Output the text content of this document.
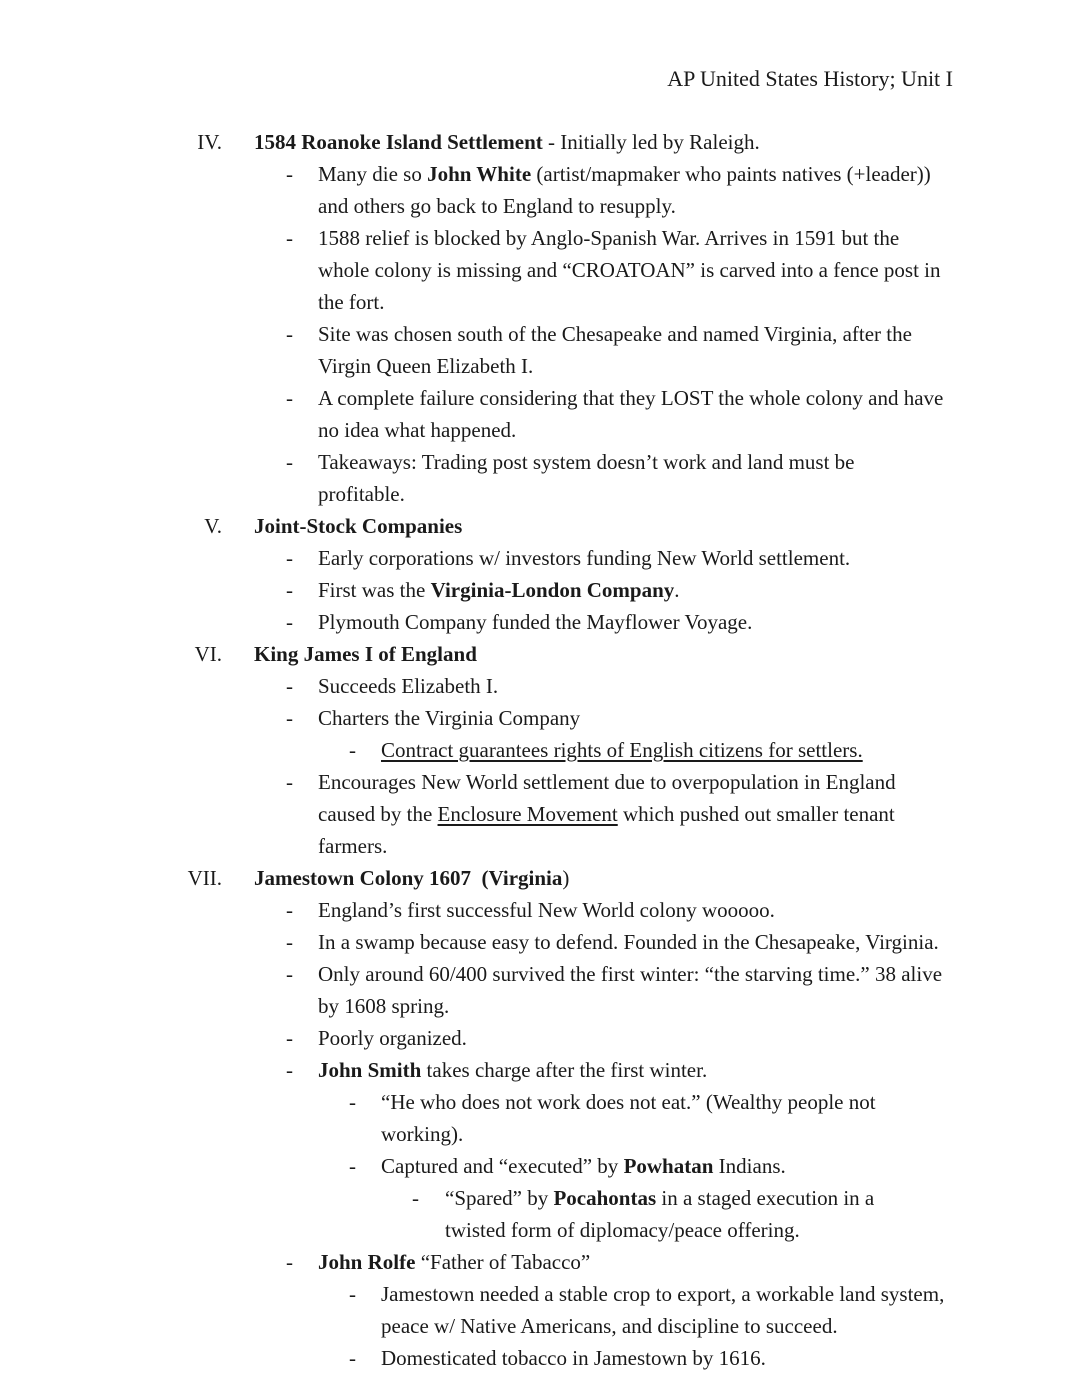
AP United States History; Unit I
IV. 1584 Roanoke Island Settlement - Initially led by Raleigh.
- Many die so John White (artist/mapmaker who paints natives (+leader)) and others go back to England to resupply.
- 1588 relief is blocked by Anglo-Spanish War. Arrives in 1591 but the whole colony is missing and “CROATOAN” is carved into a fence post in the fort.
- Site was chosen south of the Chesapeake and named Virginia, after the Virgin Queen Elizabeth I.
- A complete failure considering that they LOST the whole colony and have no idea what happened.
- Takeaways: Trading post system doesn’t work and land must be profitable.
V. Joint-Stock Companies
- Early corporations w/ investors funding New World settlement.
- First was the Virginia-London Company.
- Plymouth Company funded the Mayflower Voyage.
VI. King James I of England
- Succeeds Elizabeth I.
- Charters the Virginia Company
- Contract guarantees rights of English citizens for settlers.
- Encourages New World settlement due to overpopulation in England caused by the Enclosure Movement which pushed out smaller tenant farmers.
VII. Jamestown Colony 1607  (Virginia)
- England’s first successful New World colony wooooo.
- In a swamp because easy to defend. Founded in the Chesapeake, Virginia.
- Only around 60/400 survived the first winter: “the starving time.” 38 alive by 1608 spring.
- Poorly organized.
- John Smith takes charge after the first winter.
- “He who does not work does not eat.” (Wealthy people not working).
- Captured and “executed” by Powhatan Indians.
- “Spared” by Pocahontas in a staged execution in a twisted form of diplomacy/peace offering.
- John Rolfe “Father of Tabacco”
- Jamestown needed a stable crop to export, a workable land system, peace w/ Native Americans, and discipline to succeed.
- Domesticated tobacco in Jamestown by 1616.
